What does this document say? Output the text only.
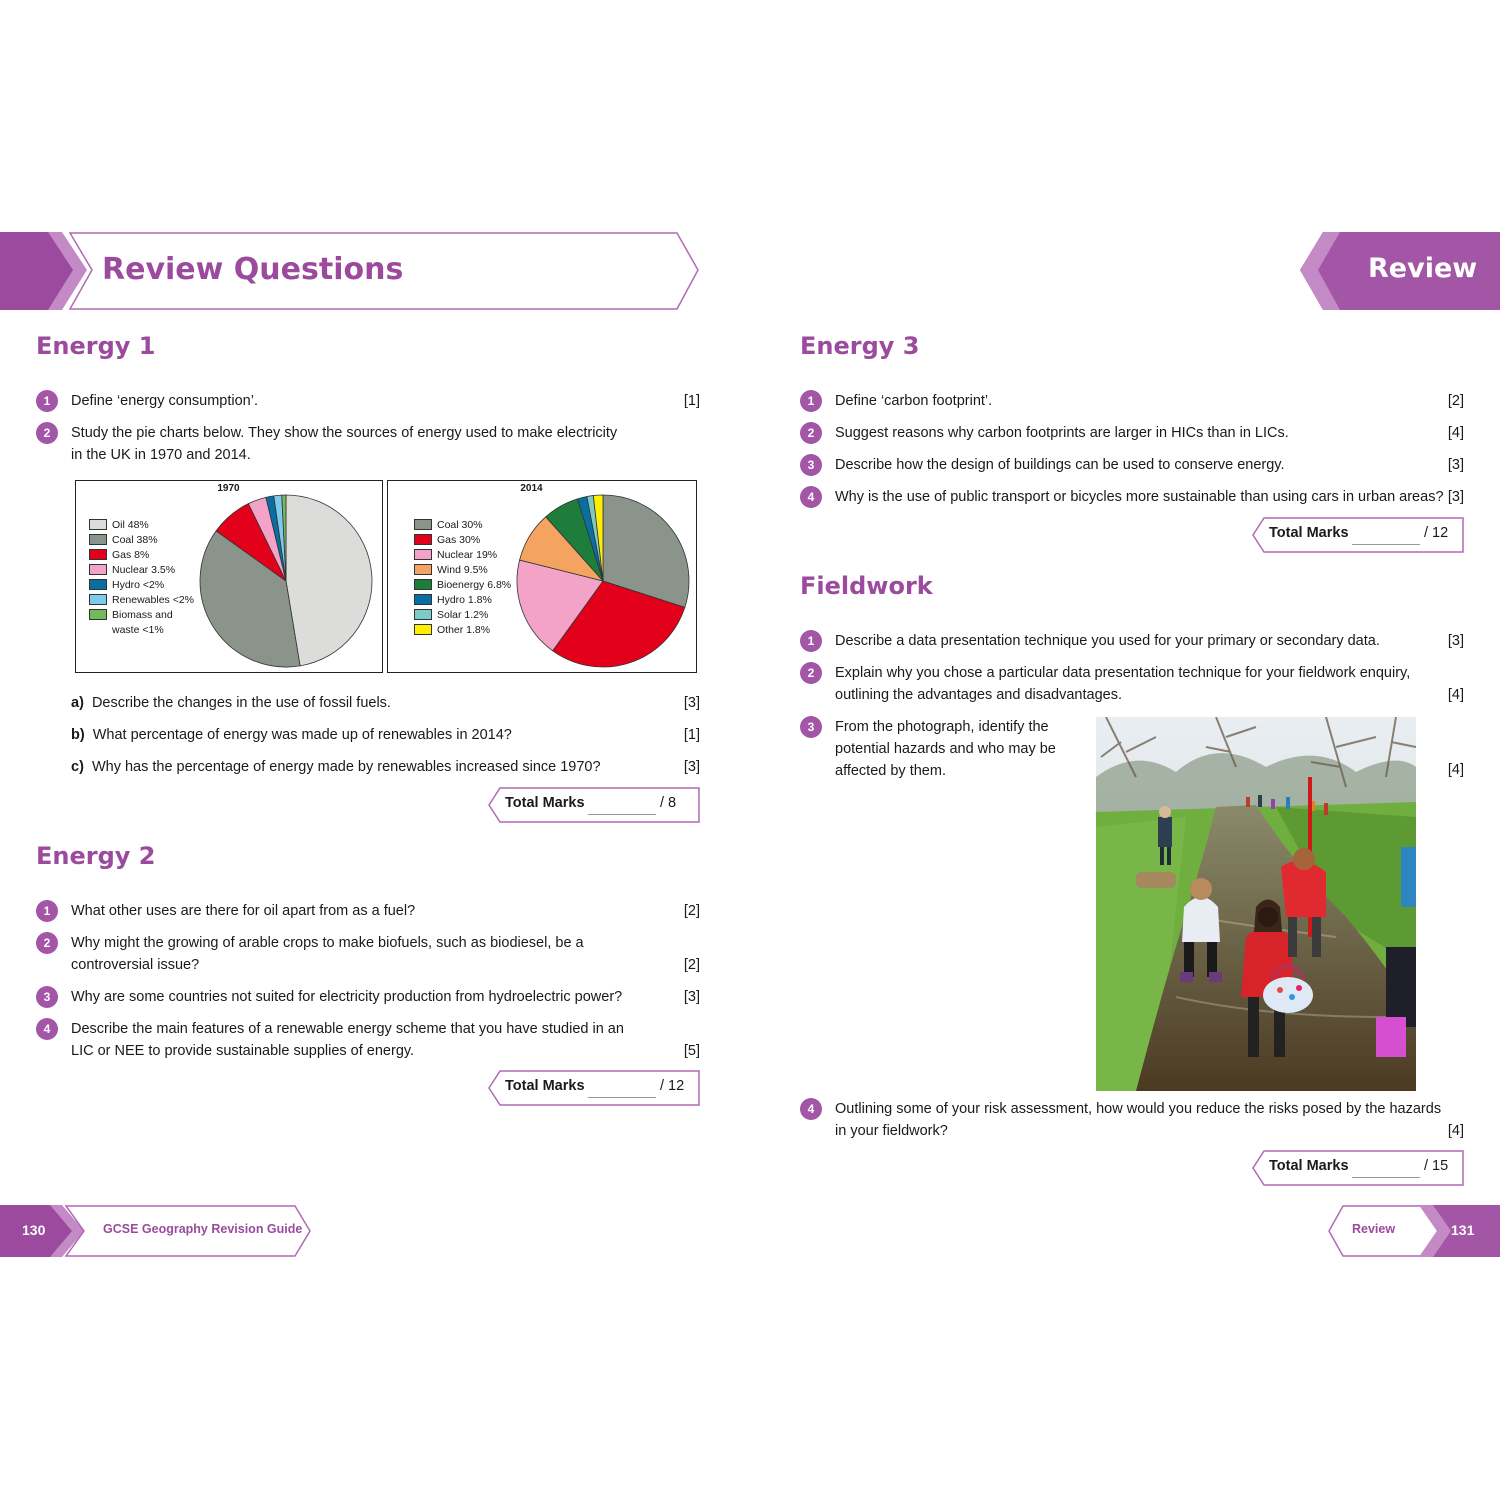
Review Questions	Review
Energy 1
1	Define ‘energy consumption’.	[1]
2	Study the pie charts below. They show the sources of energy used to make electricity
in the UK in 1970 and 2014.
1970
Oil 48%
Coal 38%
Gas 8%
Nuclear 3.5%
Hydro <2%
Renewables <2%
Biomass and
waste <1%
2014
Coal 30%
Gas 30%
Nuclear 19%
Wind 9.5%
Bioenergy 6.8%
Hydro 1.8%
Solar 1.2%
Other 1.8%
a) Describe the changes in the use of fossil fuels.	[3]
b) What percentage of energy was made up of renewables in 2014?	[1]
c) Why has the percentage of energy made by renewables increased since 1970?	[3]
Total Marks	/ 8
Energy 2
1	What other uses are there for oil apart from as a fuel?	[2]
2	Why might the growing of arable crops to make biofuels, such as biodiesel, be a
controversial issue?	[2]
3	Why are some countries not suited for electricity production from hydroelectric power?	[3]
4	Describe the main features of a renewable energy scheme that you have studied in an
LIC or NEE to provide sustainable supplies of energy.	[5]
Total Marks	/ 12
Energy 3
1	Define ‘carbon footprint’.	[2]
2	Suggest reasons why carbon footprints are larger in HICs than in LICs.	[4]
3	Describe how the design of buildings can be used to conserve energy.	[3]
4	Why is the use of public transport or bicycles more sustainable than using cars in urban areas? [3]
Total Marks	/ 12
Fieldwork
1	Describe a data presentation technique you used for your primary or secondary data.	[3]
2	Explain why you chose a particular data presentation technique for your fieldwork enquiry,
outlining the advantages and disadvantages.	[4]
3	From the photograph, identify the
potential hazards and who may be
affected by them.	[4]
4	Outlining some of your risk assessment, how would you reduce the risks posed by the hazards
in your fieldwork?	[4]
Total Marks	/ 15
130	GCSE Geography Revision Guide	Review	131
